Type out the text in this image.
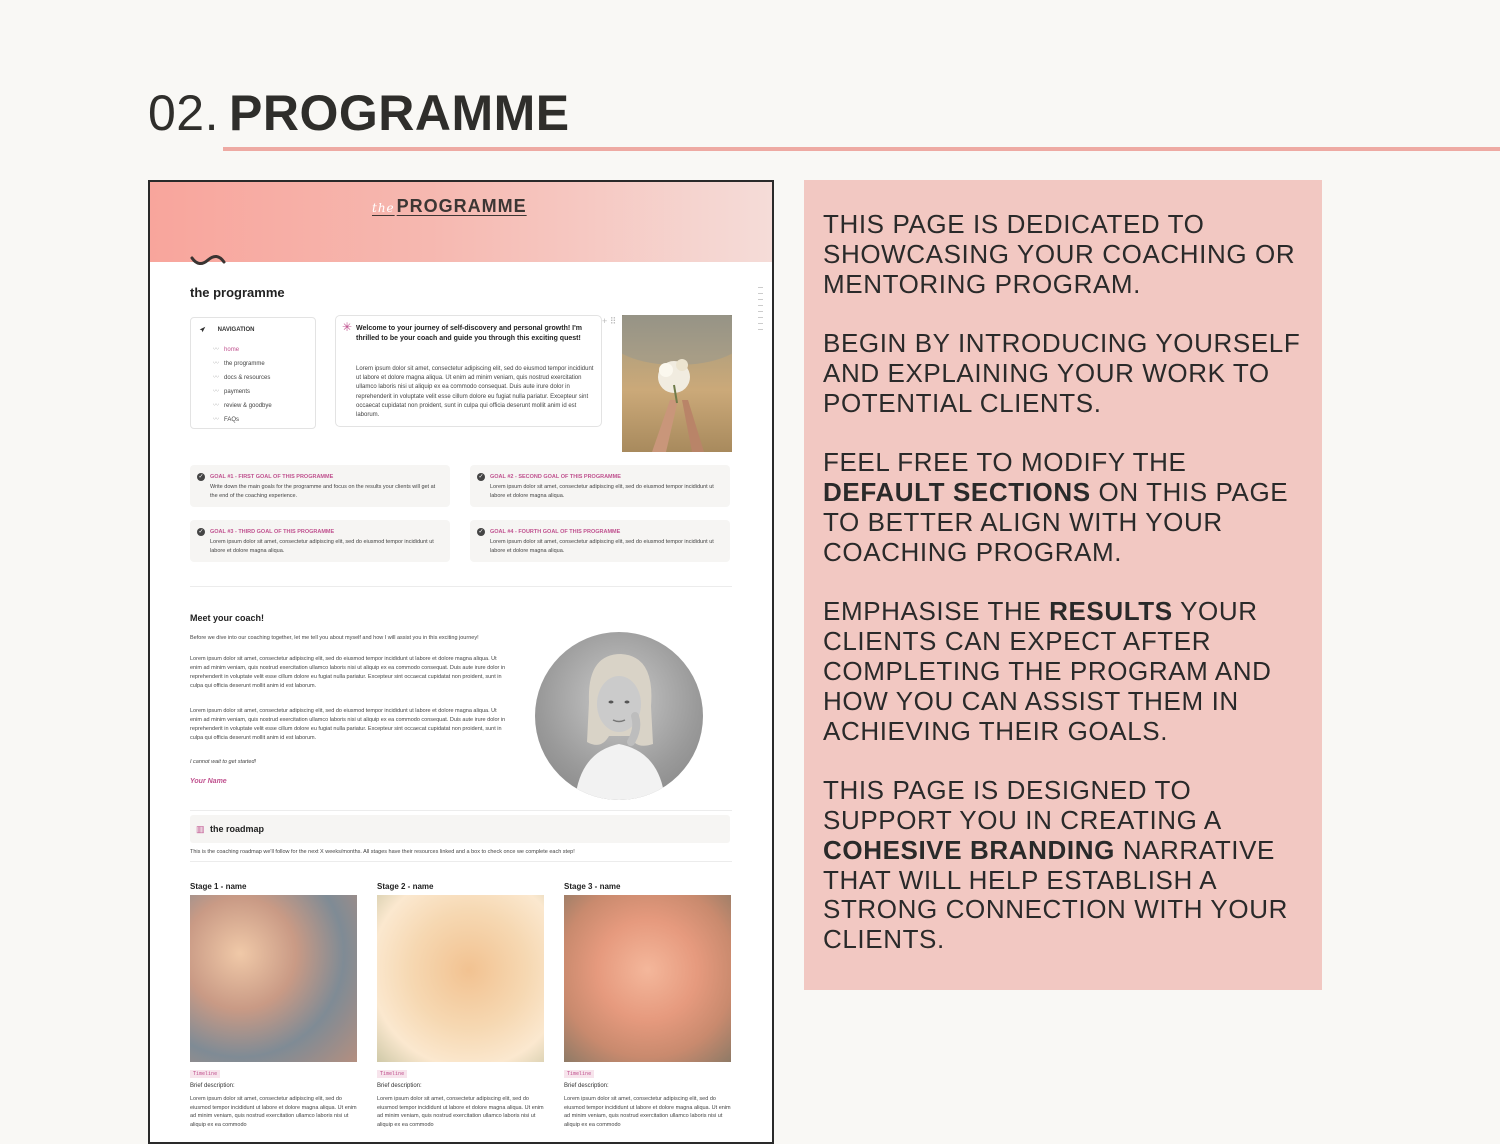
02. PROGRAMME
the PROGRAMME
the programme
NAVIGATION
〰 home
〰 the programme
〰 docs & resources
〰 payments
〰 review & goodbye
〰 FAQs
✳ Welcome to your journey of self-discovery and personal growth! I'm thrilled to be your coach and guide you through this exciting quest!
Lorem ipsum dolor sit amet, consectetur adipiscing elit, sed do eiusmod tempor incididunt ut labore et dolore magna aliqua. Ut enim ad minim veniam, quis nostrud exercitation ullamco laboris nisi ut aliquip ex ea commodo consequat. Duis aute irure dolor in reprehenderit in voluptate velit esse cillum dolore eu fugiat nulla pariatur. Excepteur sint occaecat cupidatat non proident, sunt in culpa qui officia deserunt mollit anim id est laborum.
+ ⠿
✓ GOAL #1 - FIRST GOAL OF THIS PROGRAMME
Write down the main goals for the programme and focus on the results your clients will get at the end of the coaching experience.
✓ GOAL #2 - SECOND GOAL OF THIS PROGRAMME
Lorem ipsum dolor sit amet, consectetur adipiscing elit, sed do eiusmod tempor incididunt ut labore et dolore magna aliqua.
✓ GOAL #3 - THIRD GOAL OF THIS PROGRAMME
Lorem ipsum dolor sit amet, consectetur adipiscing elit, sed do eiusmod tempor incididunt ut labore et dolore magna aliqua.
✓ GOAL #4 - FOURTH GOAL OF THIS PROGRAMME
Lorem ipsum dolor sit amet, consectetur adipiscing elit, sed do eiusmod tempor incididunt ut labore et dolore magna aliqua.
Meet your coach!
Before we dive into our coaching together, let me tell you about myself and how I will assist you in this exciting journey!
Lorem ipsum dolor sit amet, consectetur adipiscing elit, sed do eiusmod tempor incididunt ut labore et dolore magna aliqua. Ut enim ad minim veniam, quis nostrud exercitation ullamco laboris nisi ut aliquip ex ea commodo consequat. Duis aute irure dolor in reprehenderit in voluptate velit esse cillum dolore eu fugiat nulla pariatur. Excepteur sint occaecat cupidatat non proident, sunt in culpa qui officia deserunt mollit anim id est laborum.
Lorem ipsum dolor sit amet, consectetur adipiscing elit, sed do eiusmod tempor incididunt ut labore et dolore magna aliqua. Ut enim ad minim veniam, quis nostrud exercitation ullamco laboris nisi ut aliquip ex ea commodo consequat. Duis aute irure dolor in reprehenderit in voluptate velit esse cillum dolore eu fugiat nulla pariatur. Excepteur sint occaecat cupidatat non proident, sunt in culpa qui officia deserunt mollit anim id est laborum.
I cannot wait to get started!
Your Name
▥ the roadmap
This is the coaching roadmap we'll follow for the next X weeks/months. All stages have their resources linked and a box to check once we complete each step!
Stage 1 - name
Timeline
Brief description:
Lorem ipsum dolor sit amet, consectetur adipiscing elit, sed do eiusmod tempor incididunt ut labore et dolore magna aliqua. Ut enim ad minim veniam, quis nostrud exercitation ullamco laboris nisi ut aliquip ex ea commodo
Stage 2 - name
Timeline
Brief description:
Lorem ipsum dolor sit amet, consectetur adipiscing elit, sed do eiusmod tempor incididunt ut labore et dolore magna aliqua. Ut enim ad minim veniam, quis nostrud exercitation ullamco laboris nisi ut aliquip ex ea commodo
Stage 3 - name
Timeline
Brief description:
Lorem ipsum dolor sit amet, consectetur adipiscing elit, sed do eiusmod tempor incididunt ut labore et dolore magna aliqua. Ut enim ad minim veniam, quis nostrud exercitation ullamco laboris nisi ut aliquip ex ea commodo

THIS PAGE IS DEDICATED TO SHOWCASING YOUR COACHING OR MENTORING PROGRAM.

BEGIN BY INTRODUCING YOURSELF AND EXPLAINING YOUR WORK TO POTENTIAL CLIENTS.

FEEL FREE TO MODIFY THE DEFAULT SECTIONS ON THIS PAGE TO BETTER ALIGN WITH YOUR COACHING PROGRAM.

EMPHASISE THE RESULTS YOUR CLIENTS CAN EXPECT AFTER COMPLETING THE PROGRAM AND HOW YOU CAN ASSIST THEM IN ACHIEVING THEIR GOALS.

THIS PAGE IS DESIGNED TO SUPPORT YOU IN CREATING A COHESIVE BRANDING NARRATIVE THAT WILL HELP ESTABLISH A STRONG CONNECTION WITH YOUR CLIENTS.
